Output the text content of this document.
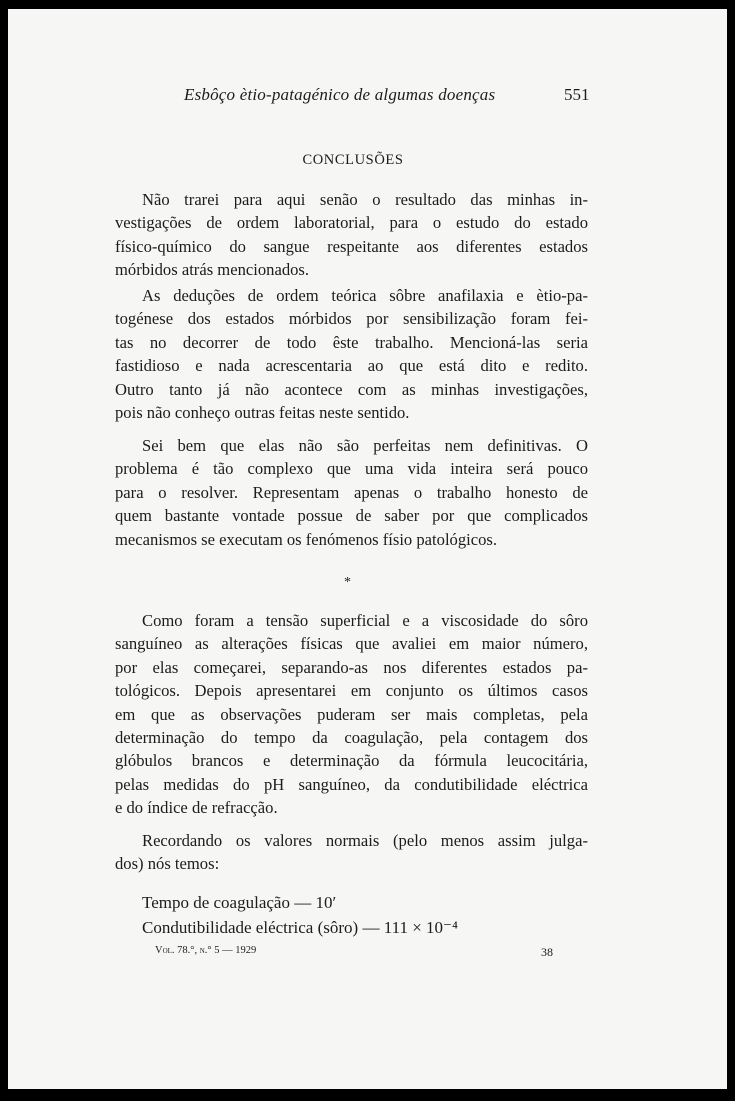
Esbôço ètio-patagénico de algumas doenças	551
CONCLUSÕES

Não trarei para aqui senão o resultado das minhas in-
vestigações de ordem laboratorial, para o estudo do estado
físico-químico do sangue respeitante aos diferentes estados
mórbidos atrás mencionados.

As deduções de ordem teórica sôbre anafilaxia e ètio-pa-
togénese dos estados mórbidos por sensibilização foram fei-
tas no decorrer de todo êste trabalho. Mencioná-las seria
fastidioso e nada acrescentaria ao que está dito e redito.
Outro tanto já não acontece com as minhas investigações,
pois não conheço outras feitas neste sentido.

Sei bem que elas não são perfeitas nem definitivas. O
problema é tão complexo que uma vida inteira será pouco
para o resolver. Representam apenas o trabalho honesto de
quem bastante vontade possue de saber por que complicados
mecanismos se executam os fenómenos físio patológicos.

*

Como foram a tensão superficial e a viscosidade do sôro
sanguíneo as alterações físicas que avaliei em maior número,
por elas começarei, separando-as nos diferentes estados pa-
tológicos. Depois apresentarei em conjunto os últimos casos
em que as observações puderam ser mais completas, pela
determinação do tempo da coagulação, pela contagem dos
glóbulos brancos e determinação da fórmula leucocitária,
pelas medidas do pH sanguíneo, da condutibilidade eléctrica
e do índice de refracção.

Recordando os valores normais (pelo menos assim julga-
dos) nós temos:

Tempo de coagulação — 10′
Condutibilidade eléctrica (sôro) — 111 × 10⁻⁴
Vol. 78.°, n.° 5 — 1929	38
